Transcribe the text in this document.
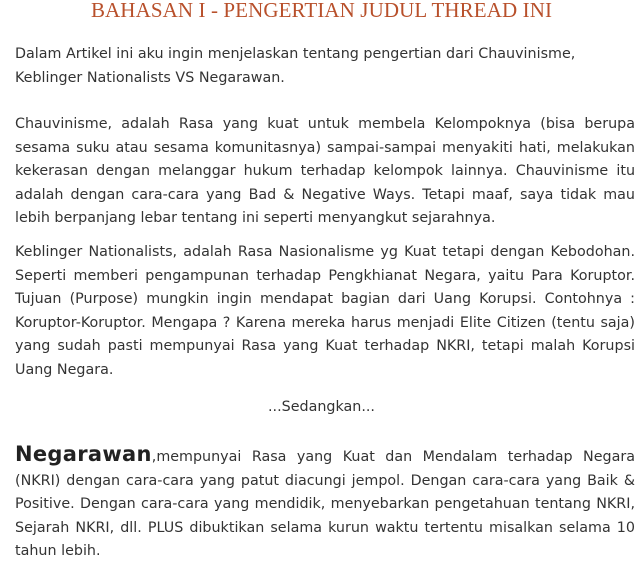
BAHASAN I - PENGERTIAN JUDUL THREAD INI

Dalam Artikel ini aku ingin menjelaskan tentang pengertian dari Chauvinisme, Keblinger Nationalists VS Negarawan.

Chauvinisme, adalah Rasa yang kuat untuk membela Kelompoknya (bisa berupa sesama suku atau sesama komunitasnya) sampai-sampai menyakiti hati, melakukan kekerasan dengan melanggar hukum terhadap kelompok lainnya. Chauvinisme itu adalah dengan cara-cara yang Bad & Negative Ways. Tetapi maaf, saya tidak mau lebih berpanjang lebar tentang ini seperti menyangkut sejarahnya.

Keblinger Nationalists, adalah Rasa Nasionalisme yg Kuat tetapi dengan Kebodohan. Seperti memberi pengampunan terhadap Pengkhianat Negara, yaitu Para Koruptor. Tujuan (Purpose) mungkin ingin mendapat bagian dari Uang Korupsi. Contohnya : Koruptor-Koruptor. Mengapa ? Karena mereka harus menjadi Elite Citizen (tentu saja) yang sudah pasti mempunyai Rasa yang Kuat terhadap NKRI, tetapi malah Korupsi Uang Negara.

...Sedangkan...

Negarawan,mempunyai Rasa yang Kuat dan Mendalam terhadap Negara (NKRI) dengan cara-cara yang patut diacungi jempol. Dengan cara-cara yang Baik & Positive. Dengan cara-cara yang mendidik, menyebarkan pengetahuan tentang NKRI, Sejarah NKRI, dll. PLUS dibuktikan selama kurun waktu tertentu misalkan selama 10 tahun lebih.
